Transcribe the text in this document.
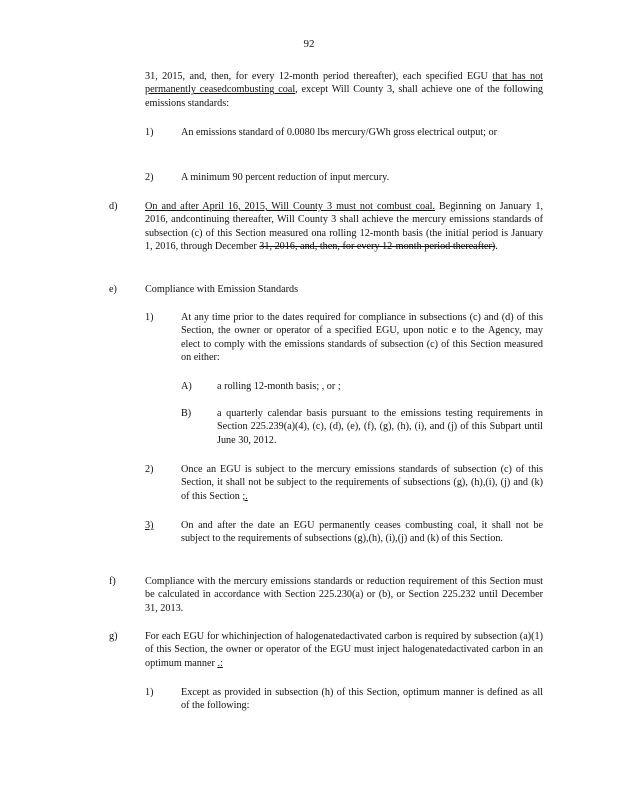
92
31, 2015, and, then, for every 12-month period thereafter), each specified EGU that has not permanently ceasedcombusting coal, except Will County 3, shall achieve one of the following emissions standards:
1)	An emissions standard of 0.0080 lbs mercury/GWh gross electrical output; or
2)	A minimum 90 percent reduction of input mercury.
d)	On and after April 16, 2015, Will County 3 must not combust coal. Beginning on January 1, 2016, andcontinuing thereafter, Will County 3 shall achieve the mercury emissions standards of subsection (c) of this Section measured ona rolling 12-month basis (the initial period is January 1, 2016, through December 31, 2016, and, then, for every 12-month period thereafter).
e)	Compliance with Emission Standards
1)	At any time prior to the dates required for compliance in subsections (c) and (d) of this Section, the owner or operator of a specified EGU, upon notic e to the Agency, may elect to comply with the emissions standards of subsection (c) of this Section measured on either:
A) a rolling 12-month basis; , or ;
B)	a quarterly calendar basis pursuant to the emissions testing requirements in Section 225.239(a)(4), (c), (d), (e), (f), (g), (h), (i), and (j) of this Subpart until June 30, 2012.
2)	Once an EGU is subject to the mercury emissions standards of subsection (c) of this Section, it shall not be subject to the requirements of subsections (g), (h),(i), (j) and (k) of this Section ;.
3)	On and after the date an EGU permanently ceases combusting coal, it shall not be subject to the requirements of subsections (g),(h), (i),(j) and (k) of this Section.
f)	Compliance with the mercury emissions standards or reduction requirement of this Section must be calculated in accordance with Section 225.230(a) or (b), or Section 225.232 until December 31, 2013.
g)	For each EGU for whichinjection of halogenatedactivated carbon is required by subsection (a)(1) of this Section, the owner or operator of the EGU must inject halogenatedactivated carbon in an optimum manner .:
1)	Except as provided in subsection (h) of this Section, optimum manner is defined as all of the following:
